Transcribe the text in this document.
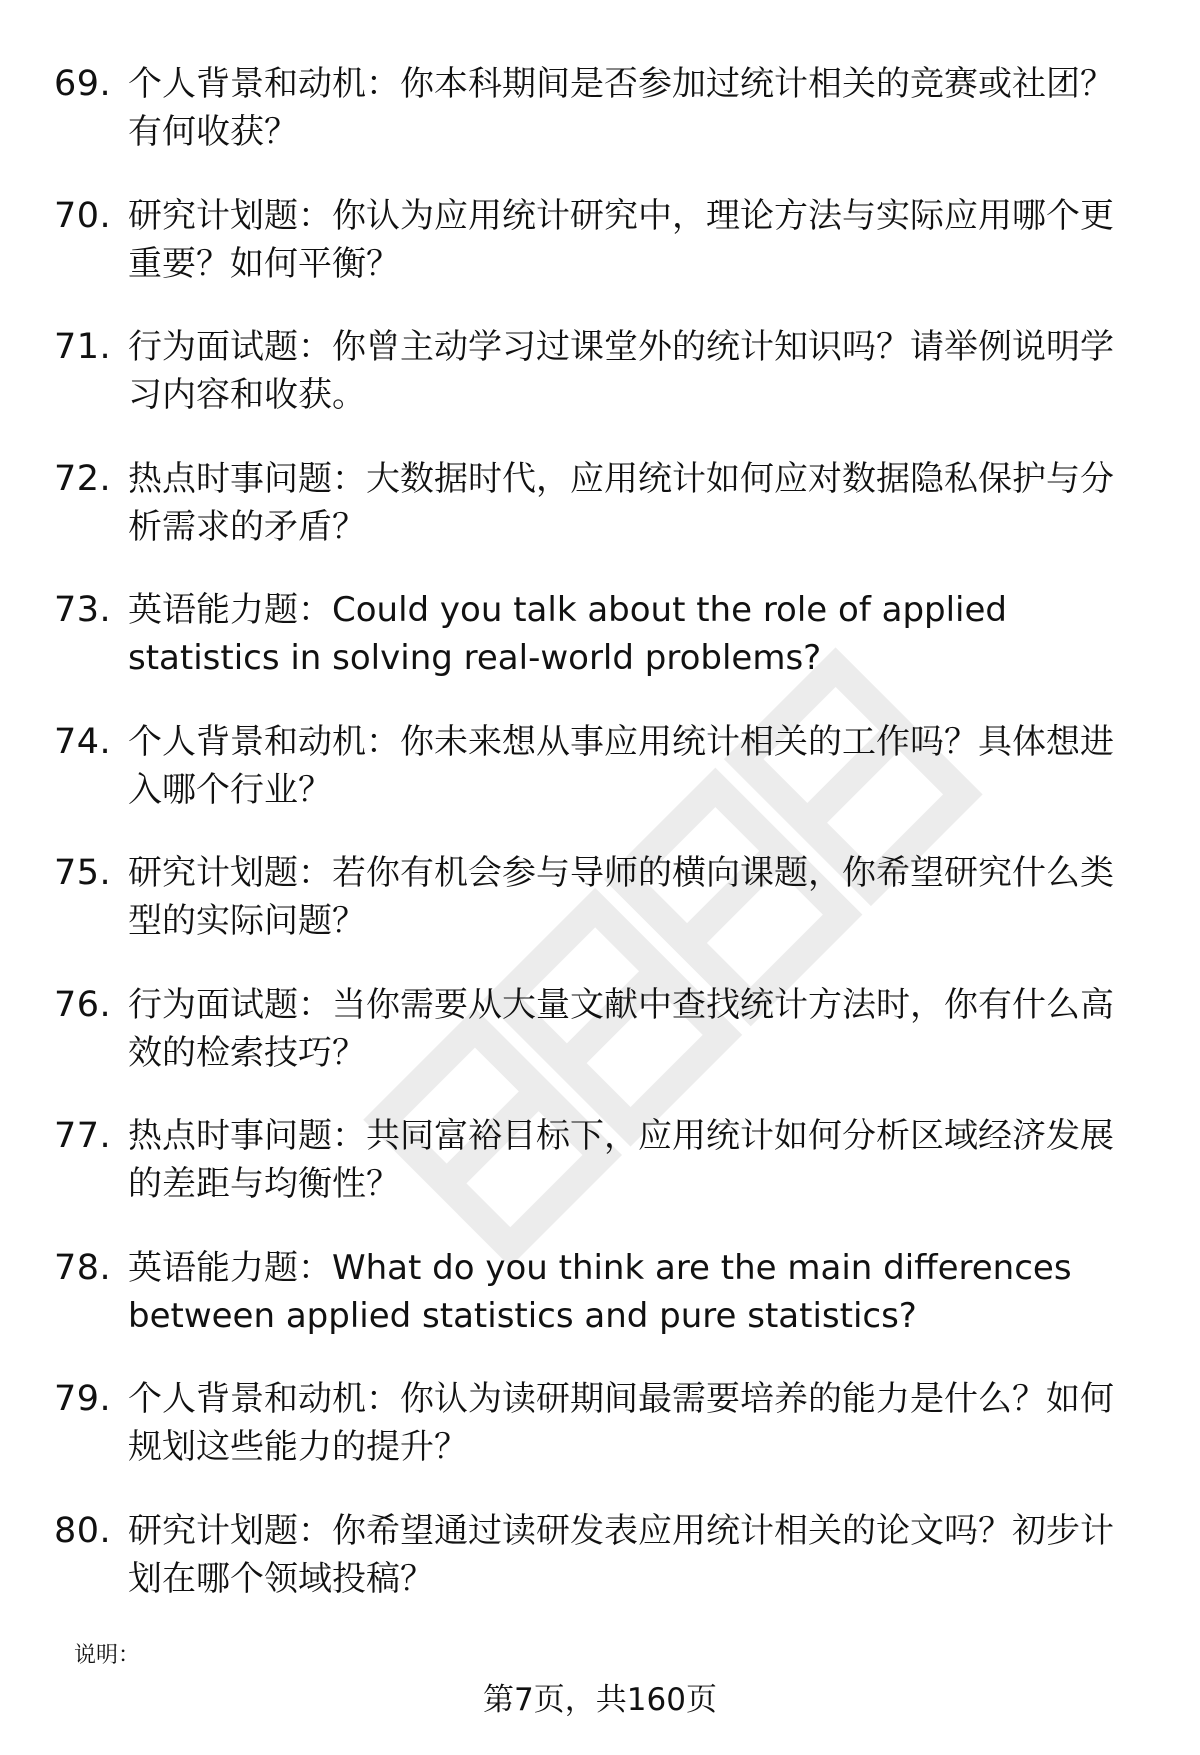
69. 个人背景和动机：你本科期间是否参加过统计相关的竞赛或社团？有何收获？
70. 研究计划题：你认为应用统计研究中，理论方法与实际应用哪个更重要？如何平衡？
71. 行为面试题：你曾主动学习过课堂外的统计知识吗？请举例说明学习内容和收获。
72. 热点时事问题：大数据时代，应用统计如何应对数据隐私保护与分析需求的矛盾？
73. 英语能力题：Could you talk about the role of applied statistics in solving real-world problems?
74. 个人背景和动机：你未来想从事应用统计相关的工作吗？具体想进入哪个行业？
75. 研究计划题：若你有机会参与导师的横向课题，你希望研究什么类型的实际问题？
76. 行为面试题：当你需要从大量文献中查找统计方法时，你有什么高效的检索技巧？
77. 热点时事问题：共同富裕目标下，应用统计如何分析区域经济发展的差距与均衡性？
78. 英语能力题：What do you think are the main differences between applied statistics and pure statistics?
79. 个人背景和动机：你认为读研期间最需要培养的能力是什么？如何规划这些能力的提升？
80. 研究计划题：你希望通过读研发表应用统计相关的论文吗？初步计划在哪个领域投稿？
说明：
第7页，共160页
